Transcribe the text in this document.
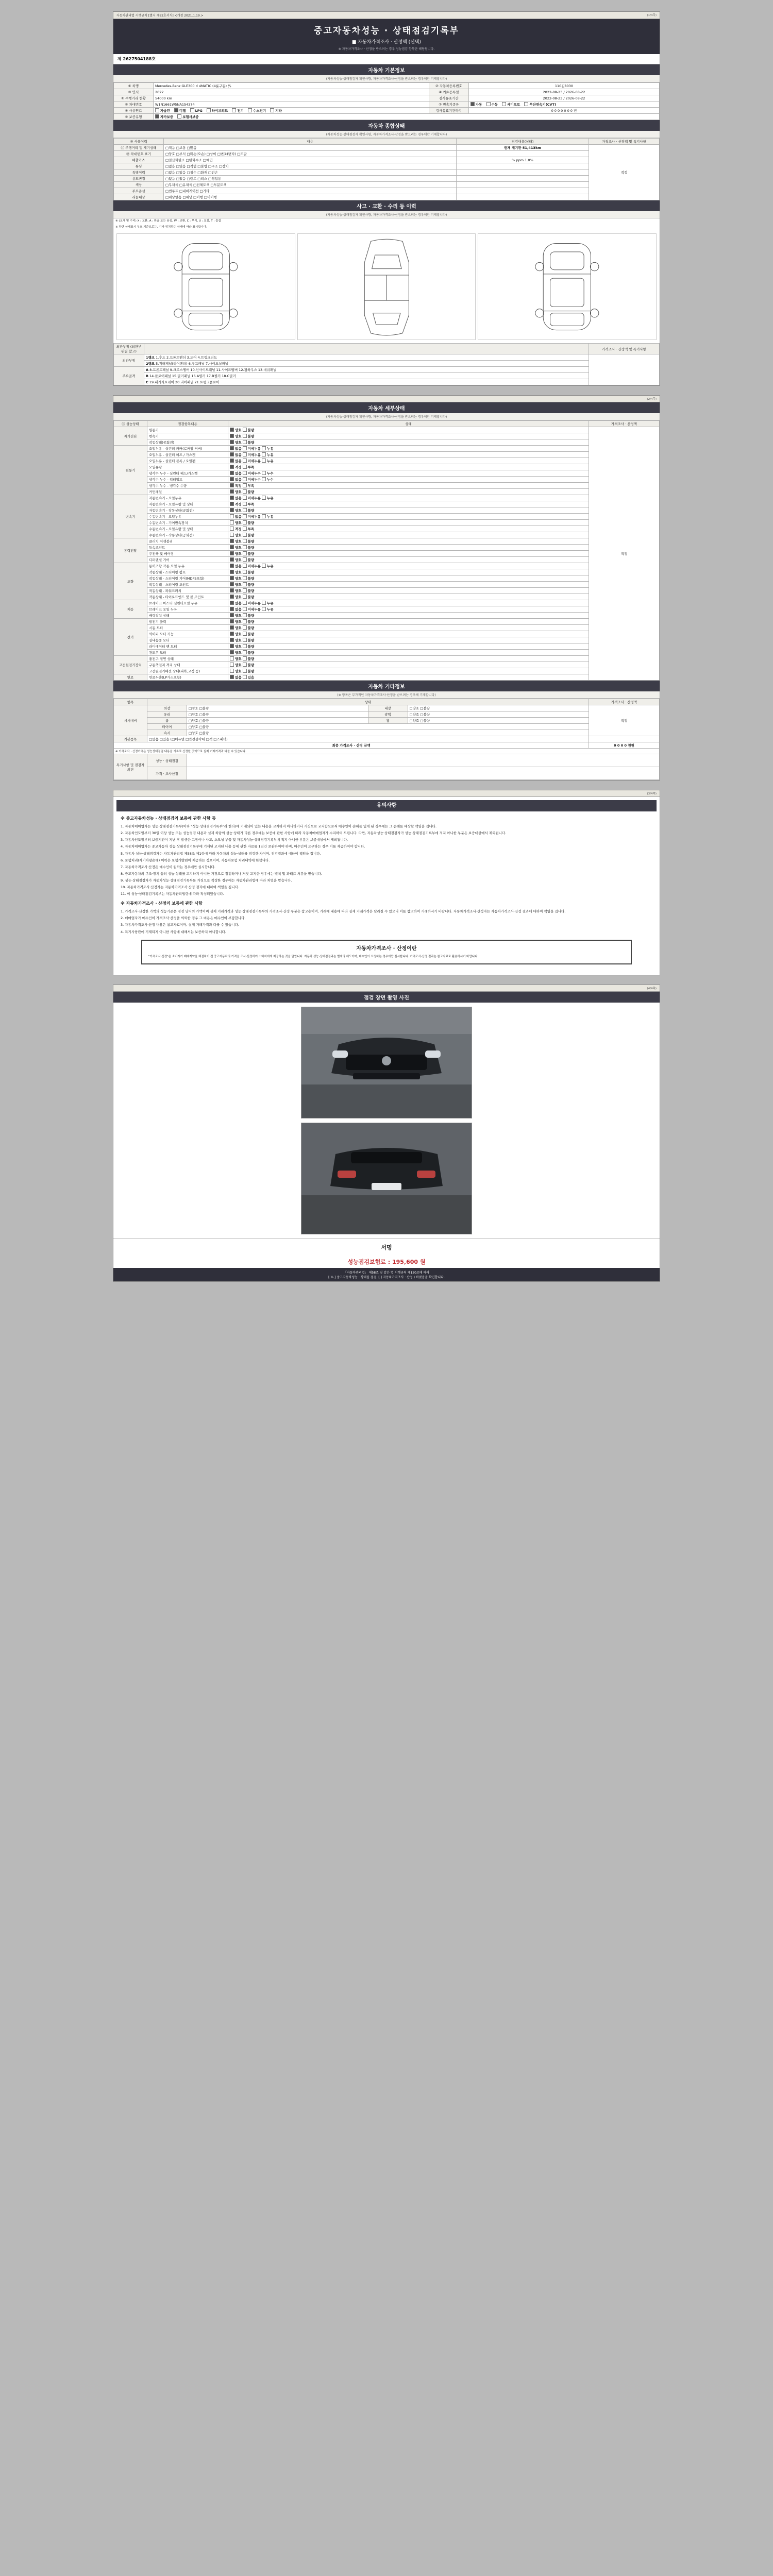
자동차관리법 시행규칙 [별지 제82호서식] <개정 2021.1.19.>	(1/4쪽)
중고자동차성능 · 상태점검기록부
■ 자동차가격조사 · 산정액 (선택)
※ 자동차가격조사 · 산정을 받으려는 경우 성능점검 항목만 해당됩니다.
제 2627504188호
자동차 기본정보
(자동차성능·상태점검자 확인사항, 자동차가격조사·산정을 받으려는 경우에만 기재합니다)
① 차명	Mercedes-Benz GLE300 d 4MATIC (4륜구동) 外	② 자동차등록번호	110김8030
③ 연식	2022	④ 최초등록일	2022-08-23 / 2026-08-22
⑤ 주행거리 현황	54000 km	검사유효기간	2022-08-23 / 2026-08-22
⑥ 차대번호	W1N1661W5NA154374	⑦ 변속기종류	자동 수동 세미오토 무단변속기(CVT)
⑧ 사용연료	가솔린 디젤 LPG 하이브리드 전기 수소전기 기타	검사유효기간까지	0 0 0 0 0 0 0 년
⑨ 보증유형	자가보증 보험사보증		
자동차 종합상태
(자동차성능·상태점검자 확인사항, 자동차가격조사·산정을 받으려는 경우에만 기재합니다)
⑩ 사용이력	내용	점검내용(상태)	가격조사 · 산정액 및 특기사항
⑪ 주행거리 및 계기상태	□적음 □보통 □많음	현재 계기판 51,413km	적정
⑫ 차대번호 표기	□양호 □부식 □훼손(오손) □상이 □변조(변타) □도말		
배출가스	□일산화탄소 □탄화수소 □매연	% ppm 1.0%	
튜닝	□없음 □있음 □적법 □불법 □구조 □장치		
특별이력	□없음 □있음 □침수 □화재 □전손		
용도변경	□없음 □있음 □렌트 □리스 □영업용		
색상	□무채색 □유채색 □전체도색 □부분도색		
주요옵션	□썬루프 □내비게이션 □기타		
리콜대상	□해당없음 □해당 □이행 □미이행		
사고 · 교환 · 수리 등 이력
(자동차성능·상태점검자 확인사항, 자동차가격조사·산정을 받으려는 경우에만 기재합니다)
※ (교체 및 수리) X : 교환, A : 판금 또는 용접, W : 교환, C : 부식, U : 요철, T : 흠집
※ 하단 상태표시 부호 기준으로는, 기타 위치하는 상태에 따라 표시합니다.
외판부위 (외판부위별 참고)		가격조사 · 산정액 및 특기사항
외판부위	1랭크 1.후드 2.프론트팬더 3.도어 4.트렁크리드	
	2랭크 5.쿼터패널(리어팬더) 6.루프패널 7.사이드실패널	
주요골격	A 8.프론트패널 9.크로스멤버 10.인사이드패널 11.사이드멤버 12.휠하우스 13.대쉬패널	
	B 14.플로어패널 15.필러패널 16.A필러 17.B필러 18.C필러	
	C 19.패키지트레이 20.리어패널 21.트렁크플로어	
(2/4쪽)
자동차 세부상태
(자동차성능·상태점검자 확인사항, 자동차가격조사·산정을 받으려는 경우에만 기재합니다)
⑬ 성능상태	점검항목내용	상태	가격조사 · 산정액
자기진단	원동기	양호 불량	적정
	변속기	양호 불량	
	작동상태(공회전)	양호 불량	
원동기	오일누유 - 실린더 커버(로커암 커버)	없음 미세누유 누유	
	오일누유 - 실린더 헤드 / 가스켓	없음 미세누유 누유	
	오일누유 - 실린더 블록 / 오일팬	없음 미세누유 누유	
	오일유량	적정 부족	
	냉각수 누수 - 실린더 헤드/가스켓	없음 미세누수 누수	
	냉각수 누수 - 워터펌프	없음 미세누수 누수	
	냉각수 누수 - 냉각수 수량	적정 부족	
	커먼레일	양호 불량	
변속기	자동변속기 - 오일누유	없음 미세누유 누유	
	자동변속기 - 오일유량 및 상태	적정 부족	
	자동변속기 - 작동상태(공회전)	양호 불량	
	수동변속기 - 오일누유	없음 미세누유 누유	
	수동변속기 - 기어변속장치	양호 불량	
	수동변속기 - 오일유량 및 상태	적정 부족	
	수동변속기 - 작동상태(공회전)	양호 불량	
동력전달	클러치 어셈블리	양호 불량	
	등속조인트	양호 불량	
	추진축 및 베어링	양호 불량	
	디퍼렌셜 기어	양호 불량	
조향	동력조향 작동 오일 누유	없음 미세누유 누유	
	작동상태 - 스티어링 펌프	양호 불량	
	작동상태 - 스티어링 기어(MDPS포함)	양호 불량	
	작동상태 - 스티어링 조인트	양호 불량	
	작동상태 - 파워크러치	양호 불량	
	작동상태 - 타이로드엔드 및 볼 조인트	양호 불량	
제동	브레이크 마스터 실린더오일 누유	없음 미세누유 누유	
	브레이크 오일 누유	없음 미세누유 누유	
	배력장치 상태	양호 불량	
전기	발전기 출력	양호 불량	
	시동 모터	양호 불량	
	와이퍼 모터 기능	양호 불량	
	실내송풍 모터	양호 불량	
	라디에이터 팬 모터	양호 불량	
	윈도우 모터	양호 불량	
고전원전기장치	충전구 절연 상태	양호 불량	
	구동축전지 격리 상태	양호 불량	
	고전원전기배선 상태(피복,고정 등)	양호 불량	
연료	연료누출(LP가스포함)	없음 있음	
자동차 기타정보
(※ 항목은 부가적인 자동차가격조사·산정을 받으려는 경우에 기재합니다)
항목	상태				가격조사 · 산정액
시세대비	외장	□양호 □불량	내장	□양호 □불량	적정
	유리	□양호 □불량	광택	□양호 □불량	
	룸	□양호 □불량	휠	□양호 □불량	
	타이어	□양호 □불량			
	속시	□양호 □불량			
기본품목	□없음 □있음 (□매뉴얼 □안전삼각대 □잭 □스패너)				
최종 가격조사 · 산정 금액					0 0 0 0 천원
※ 가격조사 · 산정가격은 성능상태점검 내용을 기초로 산정한 것이므로 실제 거래가격과 다를 수 있습니다.					
특기사항 및 점검자 의견	성능 · 상태점검				
	가격 · 조사산정				
(3/4쪽)
유의사항
※ 중고자동차성능 · 상태점검의 보증에 관한 사항 등

1. 자동차매매업자는 성능·상태점검기록부(이하 "성능·상태점검기록부"라 한다)에 기재되어 있는 내용을 교지하지 아니하거나 거짓으로 교지함으로써 매수인이 손해를 입게 된 경우에는 그 손해를 배상할 책임을 집니다.

2. 자동차인도일부터 30일 이상 성능 또는 성능점검 내용과 실제 차량의 성능·상태가 다른 경우에는 보증에 관한 사항에 따라 자동차매매업자가 수리하여 드립니다. 다만, 자동차성능·상태점검자가 성능·상태점검기록부에 적지 아니한 부분은 보증대상에서 제외됩니다.

3. 자동차인도일부터 보증기간이 지난 후 발생한 고장이나 사고, 소모성 부품 및 자동차성능·상태점검기록부에 적지 아니한 부분은 보증대상에서 제외됩니다.

4. 자동차매매업자는 중고자동차 성능·상태점검기록부에 기재된 고지된 내용 등에 관한 자료를 1년간 보관하여야 하며, 매수인이 요구하는 경우 이를 제공하여야 합니다.

5. 자동차 성능·상태점검자는 자동차관리법 제58조 제1항에 따라 자동차의 성능·상태를 점검한 자이며, 점검결과에 대하여 책임을 집니다.

6. 보험처리(자기차량손해) 이력은 보험개발원이 제공하는 정보이며, 자동차보험 처리내역에 한합니다.

7. 자동차가격조사·산정은 매수인이 원하는 경우에만 실시합니다.

8. 중고자동차의 구조·장치 등의 성능·상태를 고지하지 아니한 거짓으로 점검하거나 거짓 고지한 경우에는 벌칙 및 과태료 처분을 받습니다.

9. 성능·상태점검자가 자동차성능·상태점검기록부를 거짓으로 작성한 경우에는 자동차관리법에 따라 처벌을 받습니다.

10. 자동차가격조사·산정자는 자동차가격조사·산정 결과에 대하여 책임을 집니다.

11. 이 성능·상태점검기록부는 자동차관리법령에 따라 작성되었습니다.

※ 자동차가격조사 · 산정의 보증에 관한 사항

1. 가격조사·산정한 가액의 성능기준은 점검 당시의 가액이며 실제 거래가격과 성능·상태점검기록부의 가격조사·산정 부분은 참고용이며, 거래에 내용에 따라 실제 거래가격은 달라질 수 있으니 이를 참고하여 거래하시기 바랍니다. 자동차가격조사·산정자는 자동차가격조사·산정 결과에 대하여 책임을 집니다.

2. 매매업자가 매수인이 가격조사·산정을 의뢰한 경우 그 비용은 매수인이 부담합니다.

3. 자동차가격조사·산정 내용은 참고자료이며, 실제 거래가격과 다를 수 있습니다.

4. 특기사항란에 기재되지 아니한 사항에 대해서는 보증하지 아니합니다.

자동차가격조사 · 산정이란
"가격조사·산정"은 소비자가 매매계약을 체결하기 전 중고자동차의 가격을 조사·산정하여 소비자에게 제공하는 것을 말합니다. 자동차 성능·상태점검과는 별개의 제도이며, 매수인이 요청하는 경우에만 실시합니다. 가격조사·산정 결과는 참고자료로 활용하시기 바랍니다.
(4/4쪽)
점검 장면 촬영 사진
서명
성능점검보험료 : 195,600 원
「자동차관리법」 제58조 및 같은 법 시행규칙 제120조에 따라
[ ¾ ] 중고자동차성능 · 상태를 점검, [ ] 자동차가격조사 · 산정 ) 하였음을 확인합니다.
